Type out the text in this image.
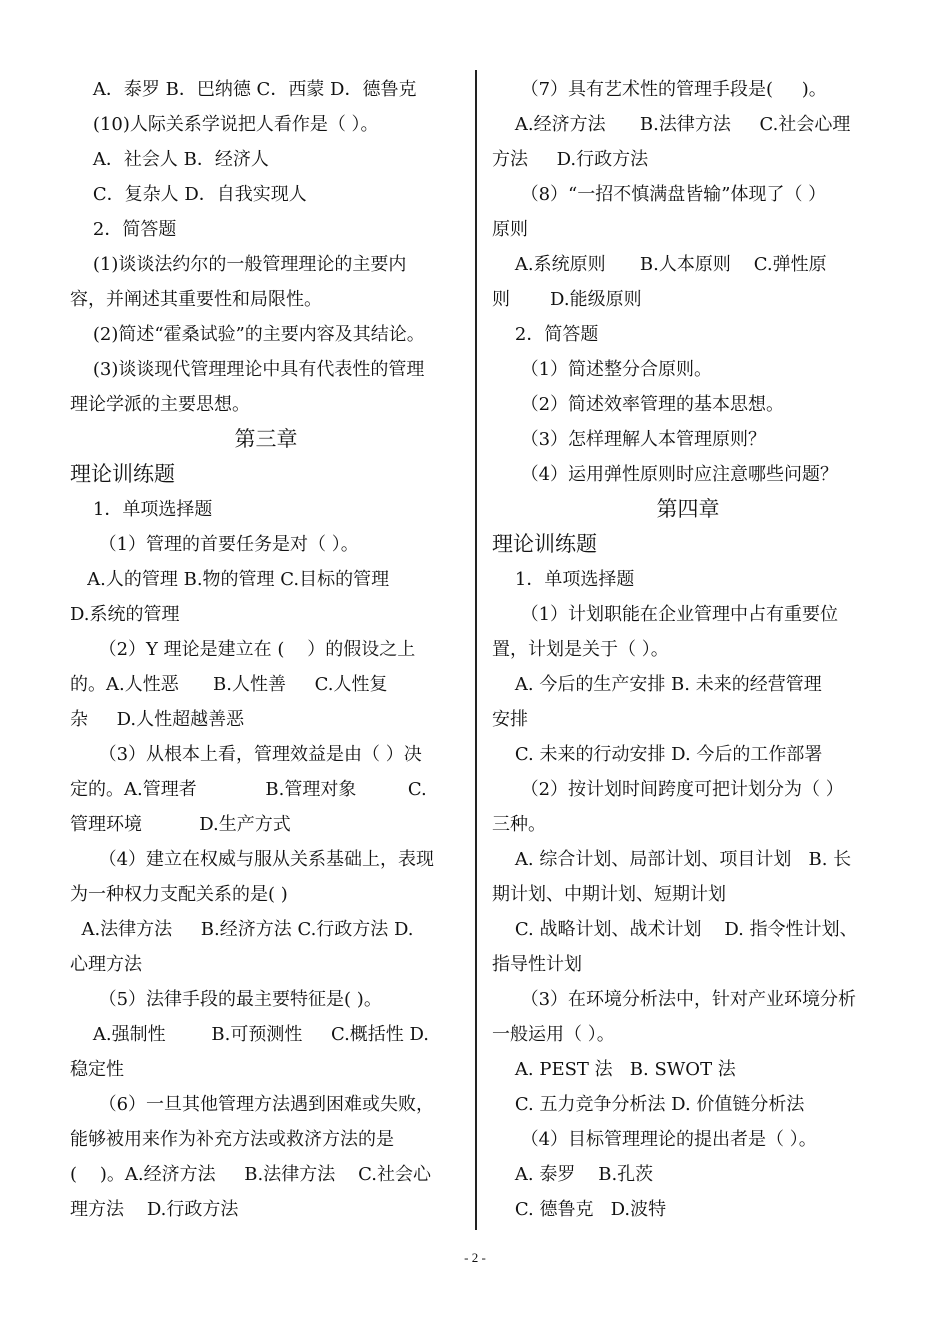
A．泰罗 B．巴纳德 C．西蒙 D．德鲁克
(10)人际关系学说把人看作是（ ）。
A．社会人 B．经济人
C．复杂人 D．自我实现人
2．简答题
(1)谈谈法约尔的一般管理理论的主要内
容，并阐述其重要性和局限性。
(2)简述“霍桑试验”的主要内容及其结论。
(3)谈谈现代管理理论中具有代表性的管理
理论学派的主要思想。
第三章
理论训练题
1．单项选择题
（1）管理的首要任务是对（ ）。
A.人的管理 B.物的管理 C.目标的管理
D.系统的管理
（2）Y 理论是建立在 (    ）的假设之上
的。A.人性恶      B.人性善     C.人性复
杂     D.人性超越善恶
（3）从根本上看，管理效益是由（ ）决
定的。A.管理者            B.管理对象         C.
管理环境          D.生产方式
（4）建立在权威与服从关系基础上，表现
为一种权力支配关系的是( )
A.法律方法     B.经济方法 C.行政方法 D.
心理方法
（5）法律手段的最主要特征是( )。
A.强制性        B.可预测性     C.概括性 D.
稳定性
（6）一旦其他管理方法遇到困难或失败，
能够被用来作为补充方法或救济方法的是
(    )。A.经济方法     B.法律方法    C.社会心
理方法    D.行政方法
（7）具有艺术性的管理手段是(     )。
A.经济方法      B.法律方法     C.社会心理
方法     D.行政方法
（8）“一招不慎满盘皆输”体现了（ ）
原则
A.系统原则      B.人本原则    C.弹性原
则       D.能级原则
2．简答题
（1）简述整分合原则。
（2）简述效率管理的基本思想。
（3）怎样理解人本管理原则？
（4）运用弹性原则时应注意哪些问题？
第四章
理论训练题
1．单项选择题
（1）计划职能在企业管理中占有重要位
置，计划是关于（ ）。
A. 今后的生产安排 B. 未来的经营管理
安排
C. 未来的行动安排 D. 今后的工作部署
（2）按计划时间跨度可把计划分为（ ）
三种。
A. 综合计划、局部计划、项目计划   B. 长
期计划、中期计划、短期计划
C. 战略计划、战术计划    D. 指令性计划、
指导性计划
（3）在环境分析法中，针对产业环境分析
一般运用（ ）。
A. PEST 法   B. SWOT 法
C. 五力竞争分析法 D. 价值链分析法
（4）目标管理理论的提出者是（ ）。
A. 泰罗    B.孔茨
C. 德鲁克   D.波特
- 2 -
